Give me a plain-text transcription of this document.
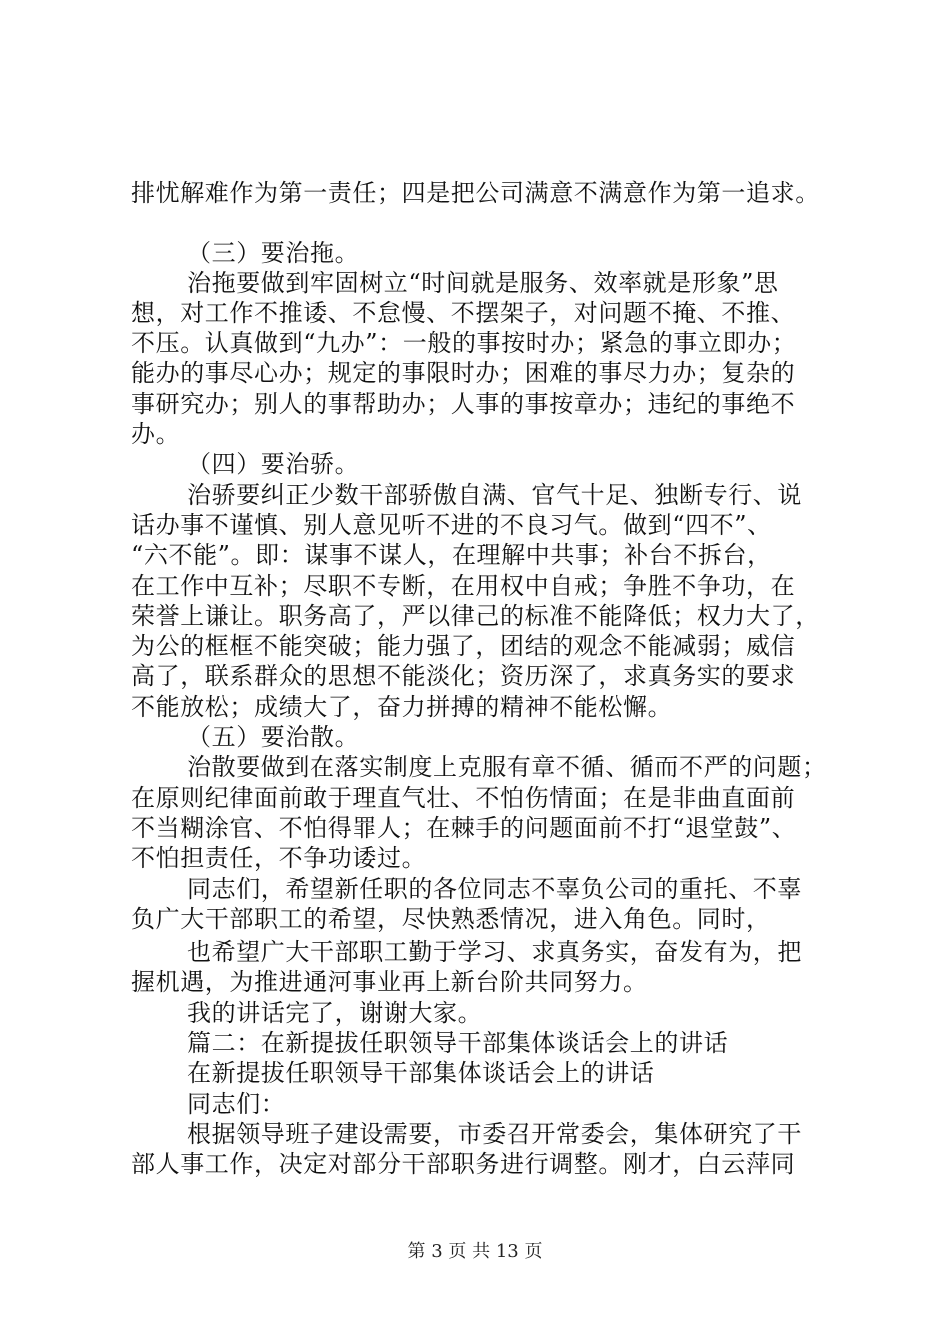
排忧解难作为第一责任；四是把公司满意不满意作为第一追求。
（三）要治拖。
治拖要做到牢固树立“时间就是服务、效率就是形象”思
想，对工作不推诿、不怠慢、不摆架子，对问题不掩、不推、
不压。认真做到“九办”：一般的事按时办；紧急的事立即办；
能办的事尽心办；规定的事限时办；困难的事尽力办；复杂的
事研究办；别人的事帮助办；人事的事按章办；违纪的事绝不
办。
（四）要治骄。
治骄要纠正少数干部骄傲自满、官气十足、独断专行、说
话办事不谨慎、别人意见听不进的不良习气。做到“四不”、
“六不能”。即：谋事不谋人，在理解中共事；补台不拆台，
在工作中互补；尽职不专断，在用权中自戒；争胜不争功，在
荣誉上谦让。职务高了，严以律己的标准不能降低；权力大了，
为公的框框不能突破；能力强了，团结的观念不能减弱；威信
高了，联系群众的思想不能淡化；资历深了，求真务实的要求
不能放松；成绩大了，奋力拼搏的精神不能松懈。
（五）要治散。
治散要做到在落实制度上克服有章不循、循而不严的问题；
在原则纪律面前敢于理直气壮、不怕伤情面；在是非曲直面前
不当糊涂官、不怕得罪人；在棘手的问题面前不打“退堂鼓”、
不怕担责任，不争功诿过。
同志们，希望新任职的各位同志不辜负公司的重托、不辜
负广大干部职工的希望，尽快熟悉情况，进入角色。同时，
也希望广大干部职工勤于学习、求真务实，奋发有为，把
握机遇，为推进通河事业再上新台阶共同努力。
我的讲话完了，谢谢大家。
篇二：在新提拔任职领导干部集体谈话会上的讲话
在新提拔任职领导干部集体谈话会上的讲话
同志们：
根据领导班子建设需要，市委召开常委会，集体研究了干
部人事工作，决定对部分干部职务进行调整。刚才，白云萍同
第 3 页 共 13 页
